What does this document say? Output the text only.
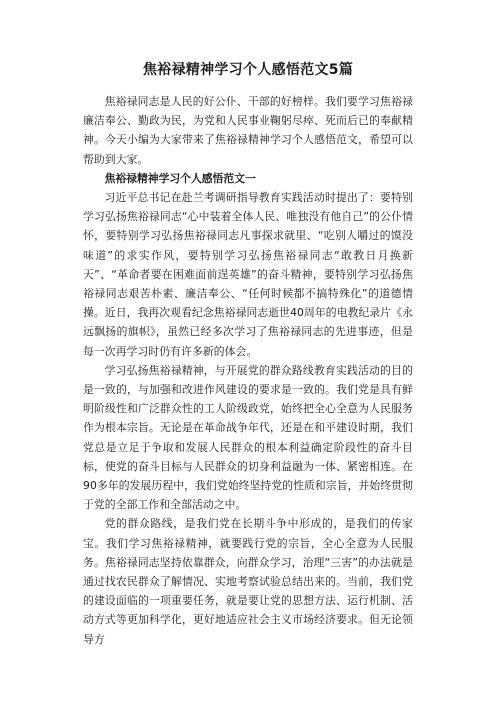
焦裕禄精神学习个人感悟范文5篇

焦裕禄同志是人民的好公仆、干部的好榜样。我们要学习焦裕禄廉洁奉公、勤政为民，为党和人民事业鞠躬尽瘁、死而后已的奉献精神。今天小编为大家带来了焦裕禄精神学习个人感悟范文，希望可以帮助到大家。

焦裕禄精神学习个人感悟范文一

习近平总书记在赴兰考调研指导教育实践活动时提出了：要特别学习弘扬焦裕禄同志“心中装着全体人民、唯独没有他自己”的公仆情怀，要特别学习弘扬焦裕禄同志凡事探求就里、“吃别人嚼过的馍没味道”的求实作风，要特别学习弘扬焦裕禄同志“敢教日月换新天”、“革命者要在困难面前逞英雄”的奋斗精神，要特别学习弘扬焦裕禄同志艰苦朴素、廉洁奉公、“任何时候都不搞特殊化”的道德情操。近日，我再次观看纪念焦裕禄同志逝世40周年的电教纪录片《永远飘扬的旗帜》，虽然已经多次学习了焦裕禄同志的先进事迹，但是每一次再学习时仍有许多新的体会。

学习弘扬焦裕禄精神，与开展党的群众路线教育实践活动的目的是一致的，与加强和改进作风建设的要求是一致的。我们党是具有鲜明阶级性和广泛群众性的工人阶级政党，始终把全心全意为人民服务作为根本宗旨。无论是在革命战争年代，还是在和平建设时期，我们党总是立足于争取和发展人民群众的根本利益确定阶段性的奋斗目标，使党的奋斗目标与人民群众的切身利益融为一体、紧密相连。在90多年的发展历程中，我们党始终坚持党的性质和宗旨，并始终贯彻于党的全部工作和全部活动之中。

党的群众路线，是我们党在长期斗争中形成的，是我们的传家宝。我们学习焦裕禄精神，就要践行党的宗旨，全心全意为人民服务。焦裕禄同志坚持依靠群众，向群众学习，治理“三害”的办法就是通过找农民群众了解情况、实地考察试验总结出来的。当前，我们党的建设面临的一项重要任务，就是要让党的思想方法、运行机制、活动方式等更加科学化，更好地适应社会主义市场经济要求。但无论领导方
